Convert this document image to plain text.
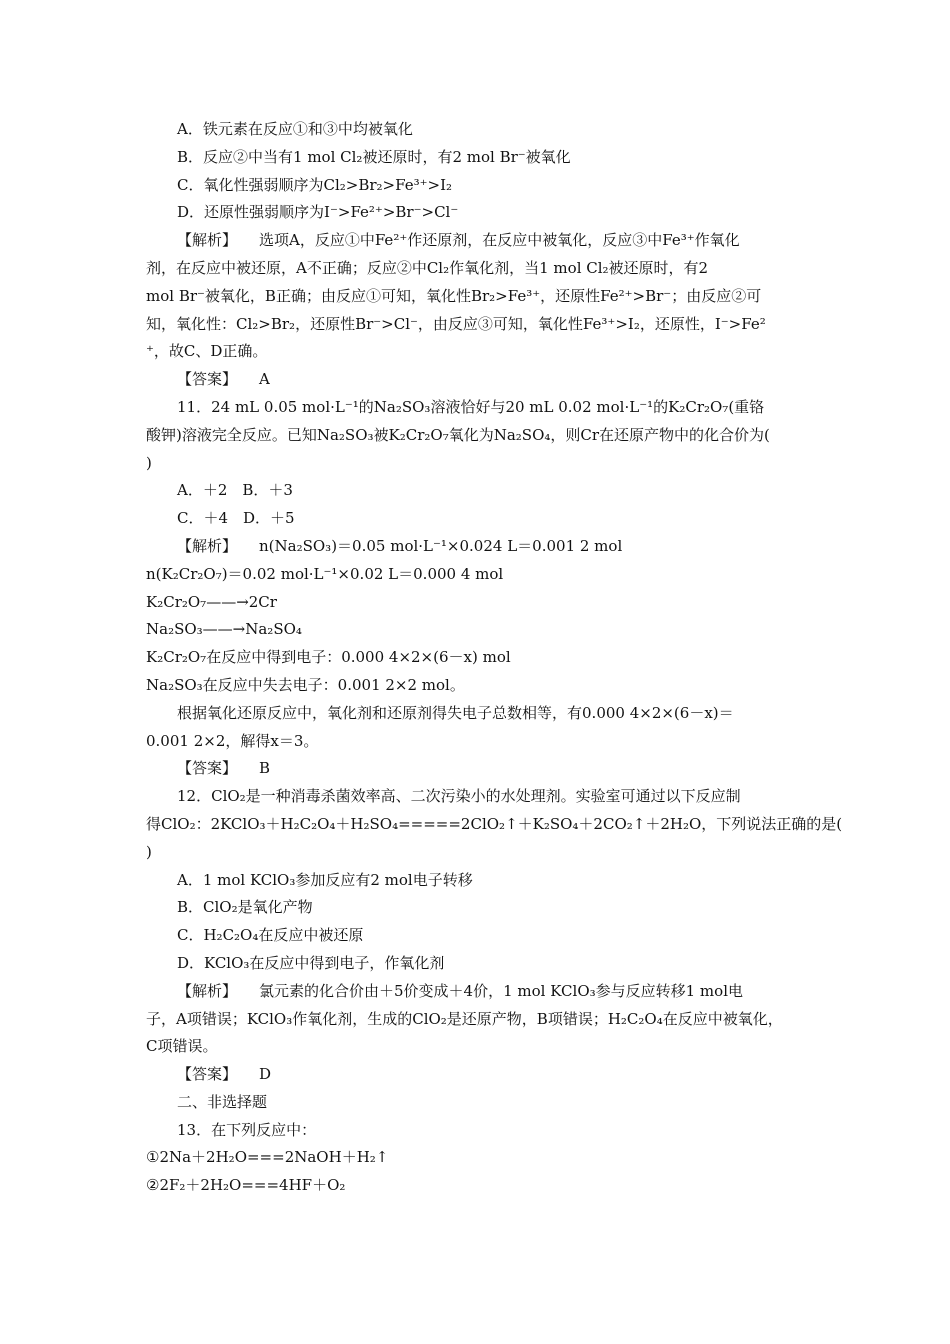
A．铁元素在反应①和③中均被氧化
B．反应②中当有1 mol Cl₂被还原时，有2 mol Br⁻被氧化
C．氧化性强弱顺序为Cl₂>Br₂>Fe³⁺>I₂
D．还原性强弱顺序为I⁻>Fe²⁺>Br⁻>Cl⁻
【解析】 选项A，反应①中Fe²⁺作还原剂，在反应中被氧化，反应③中Fe³⁺作氧化
剂，在反应中被还原，A不正确；反应②中Cl₂作氧化剂，当1 mol Cl₂被还原时，有2
mol Br⁻被氧化，B正确；由反应①可知，氧化性Br₂>Fe³⁺，还原性Fe²⁺>Br⁻；由反应②可
知，氧化性：Cl₂>Br₂，还原性Br⁻>Cl⁻，由反应③可知，氧化性Fe³⁺>I₂，还原性，I⁻>Fe²
⁺，故C、D正确。
【答案】 A
11．24 mL 0.05 mol·L⁻¹的Na₂SO₃溶液恰好与20 mL 0.02 mol·L⁻¹的K₂Cr₂O₇(重铬
酸钾)溶液完全反应。已知Na₂SO₃被K₂Cr₂O₇氧化为Na₂SO₄，则Cr在还原产物中的化合价为(
)
A．＋2　B．＋3
C．＋4　D．＋5
【解析】 n(Na₂SO₃)＝0.05 mol·L⁻¹×0.024 L＝0.001 2 mol
n(K₂Cr₂O₇)＝0.02 mol·L⁻¹×0.02 L＝0.000 4 mol
K₂Cr₂O₇——→2Cr
Na₂SO₃——→Na₂SO₄
K₂Cr₂O₇在反应中得到电子：0.000 4×2×(6－x) mol
Na₂SO₃在反应中失去电子：0.001 2×2 mol。
根据氧化还原反应中，氧化剂和还原剂得失电子总数相等，有0.000 4×2×(6－x)＝
0.001 2×2，解得x＝3。
【答案】 B
12．ClO₂是一种消毒杀菌效率高、二次污染小的水处理剂。实验室可通过以下反应制
得ClO₂：2KClO₃＋H₂C₂O₄＋H₂SO₄=====2ClO₂↑＋K₂SO₄＋2CO₂↑＋2H₂O，下列说法正确的是(
)
A．1 mol KClO₃参加反应有2 mol电子转移
B．ClO₂是氧化产物
C．H₂C₂O₄在反应中被还原
D．KClO₃在反应中得到电子，作氧化剂
【解析】 氯元素的化合价由＋5价变成＋4价，1 mol KClO₃参与反应转移1 mol电
子，A项错误；KClO₃作氧化剂，生成的ClO₂是还原产物，B项错误；H₂C₂O₄在反应中被氧化，
C项错误。
【答案】 D
二、非选择题
13．在下列反应中：
①2Na＋2H₂O===2NaOH＋H₂↑
②2F₂＋2H₂O===4HF＋O₂
